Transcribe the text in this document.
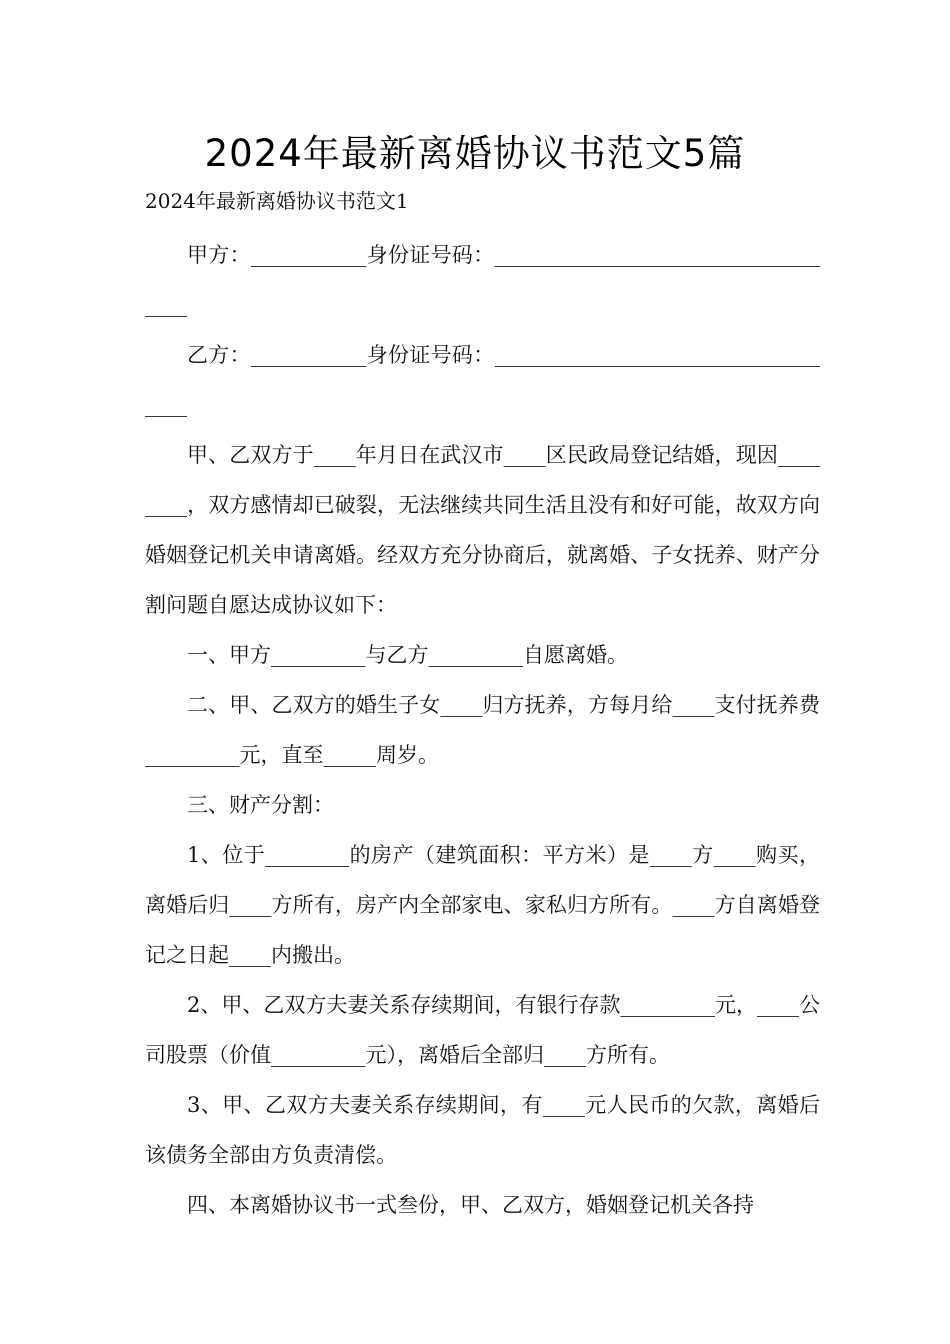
2024年最新离婚协议书范文5篇
2024年最新离婚协议书范文1

甲方：___________身份证号码：___________________________________

乙方：___________身份证号码：___________________________________

甲、乙双方于____年月日在武汉市____区民政局登记结婚，现因________，双方感情却已破裂，无法继续共同生活且没有和好可能，故双方向婚姻登记机关申请离婚。经双方充分协商后，就离婚、子女抚养、财产分割问题自愿达成协议如下：

一、甲方_________与乙方_________自愿离婚。

二、甲、乙双方的婚生子女____归方抚养，方每月给____支付抚养费_________元，直至_____周岁。

三、财产分割：

1、位于________的房产（建筑面积：平方米）是____方____购买，离婚后归____方所有，房产内全部家电、家私归方所有。____方自离婚登记之日起____内搬出。

2、甲、乙双方夫妻关系存续期间，有银行存款_________元，____公司股票（价值_________元），离婚后全部归____方所有。

3、甲、乙双方夫妻关系存续期间，有____元人民币的欠款，离婚后该债务全部由方负责清偿。

四、本离婚协议书一式叁份，甲、乙双方，婚姻登记机关各持
